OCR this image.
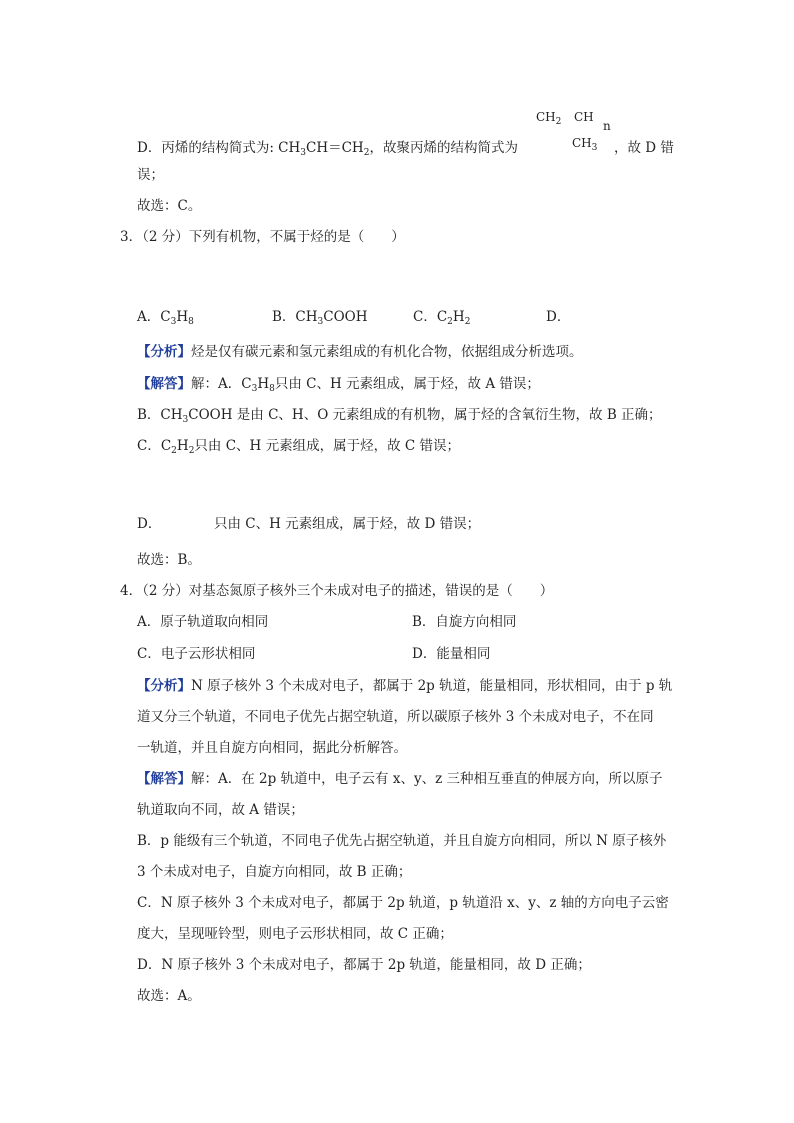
$CH_2$ CH
n
$CH_3$
D．丙烯的结构简式为: $CH_3CH=CH_2$，故聚丙烯的结构简式为	，故 D 错
误；
故选：C。
3．（2 分）下列有机物，不属于烃的是（　　）
A．$C_3H_8$	B．$CH_3COOH$	C．$C_2H_2$	D．
【分析】烃是仅有碳元素和氢元素组成的有机化合物，依据组成分析选项。
【解答】解：A．$C_3H_8$只由 C、H 元素组成，属于烃，故 A 错误；
B．$CH_3COOH$ 是由 C、H、O 元素组成的有机物，属于烃的含氧衍生物，故 B 正确；
C．$C_2H_2$只由 C、H 元素组成，属于烃，故 C 错误；
D．	只由 C、H 元素组成，属于烃，故 D 错误；
故选：B。
4．（2 分）对基态氮原子核外三个未成对电子的描述，错误的是（　　）
A．原子轨道取向相同	B．自旋方向相同
C．电子云形状相同	D．能量相同
【分析】N 原子核外 3 个未成对电子，都属于 2p 轨道，能量相同，形状相同，由于 p 轨
道又分三个轨道，不同电子优先占据空轨道，所以碳原子核外 3 个未成对电子，不在同
一轨道，并且自旋方向相同，据此分析解答。
【解答】解：A．在 2p 轨道中，电子云有 x、y、z 三种相互垂直的伸展方向，所以原子
轨道取向不同，故 A 错误；
B．p 能级有三个轨道，不同电子优先占据空轨道，并且自旋方向相同，所以 N 原子核外
3 个未成对电子，自旋方向相同，故 B 正确；
C．N 原子核外 3 个未成对电子，都属于 2p 轨道，p 轨道沿 x、y、z 轴的方向电子云密
度大，呈现哑铃型，则电子云形状相同，故 C 正确；
D．N 原子核外 3 个未成对电子，都属于 2p 轨道，能量相同，故 D 正确；
故选：A。
